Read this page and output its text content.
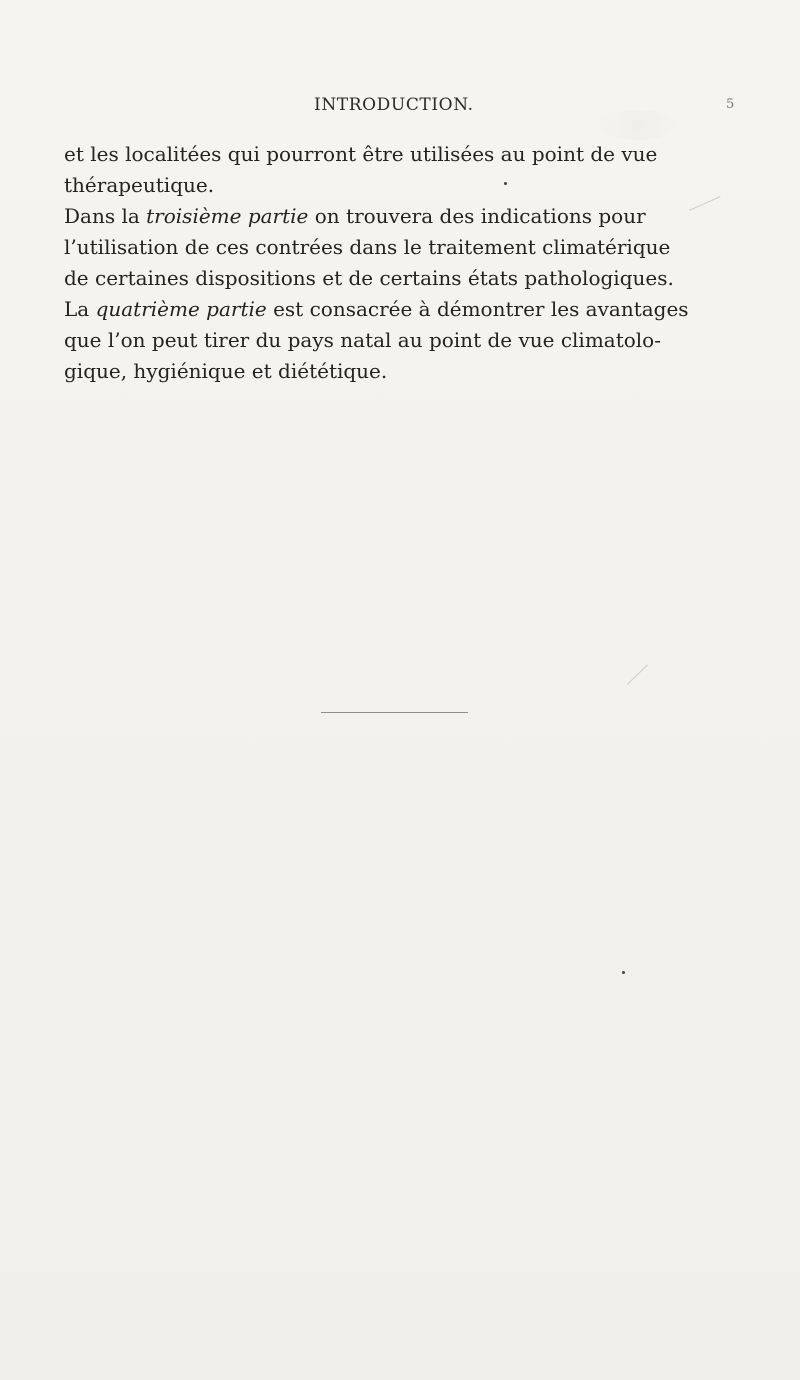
INTRODUCTION.	5
et les localitées qui pourront être utilisées au point de vue
thérapeutique.
Dans la troisième partie on trouvera des indications pour
l’utilisation de ces contrées dans le traitement climatérique
de certaines dispositions et de certains états pathologiques.
La quatrième partie est consacrée à démontrer les avantages
que l’on peut tirer du pays natal au point de vue climatolo-
gique, hygiénique et diététique.
